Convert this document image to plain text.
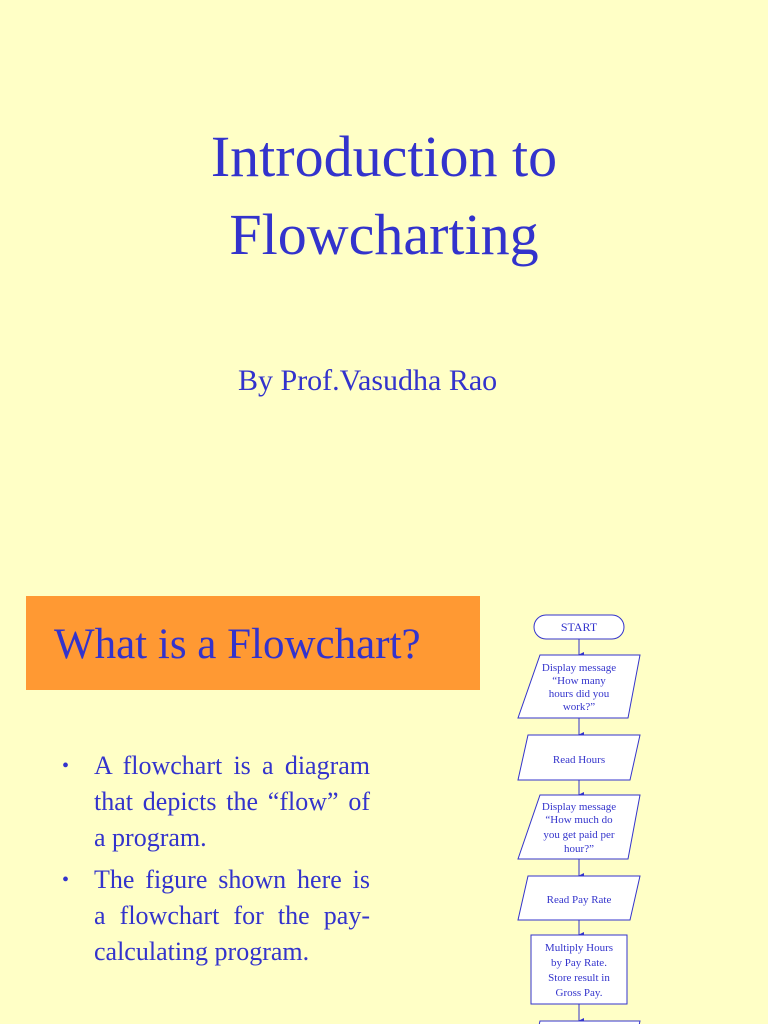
Introduction to
Flowcharting

By Prof.Vasudha Rao

What is a Flowchart?
• A flowchart is a diagram that depicts the “flow” of a program.
• The figure shown here is a flowchart for the pay-calculating program.
START
Display message
“How many
hours did you
work?”
Read Hours
Display message
“How much do
you get paid per
hour?”
Read Pay Rate
Multiply Hours
by Pay Rate.
Store result in
Gross Pay.
